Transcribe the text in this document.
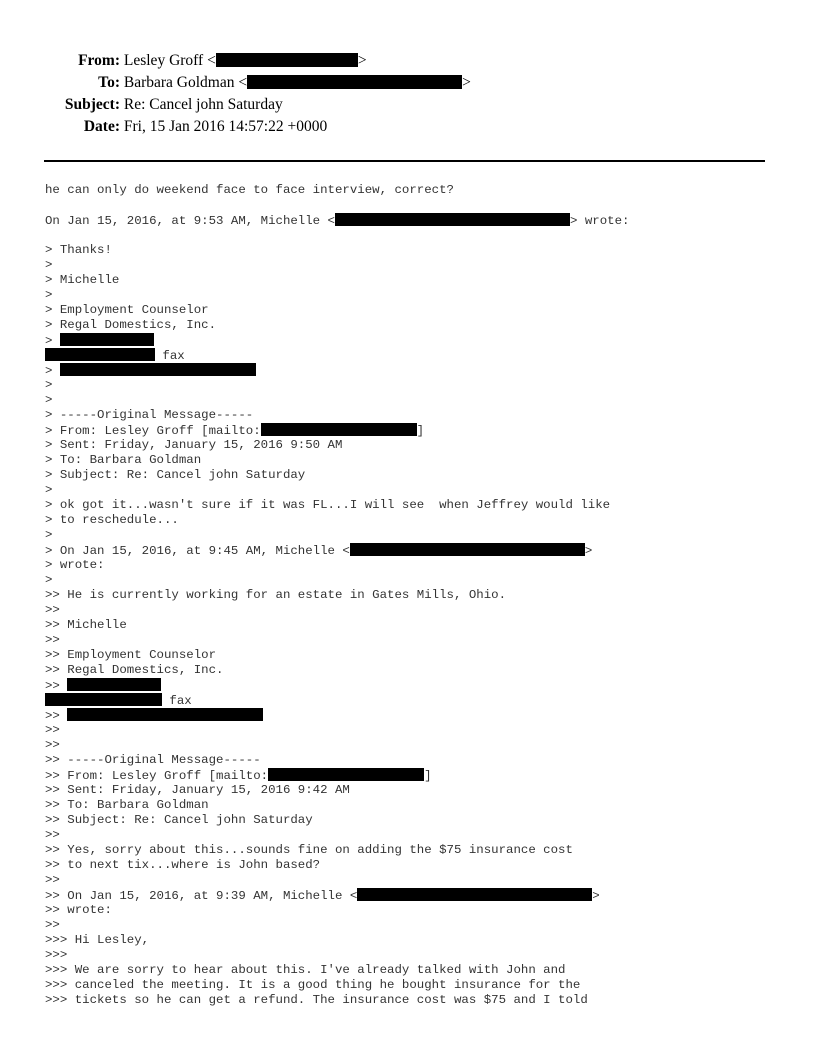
From: Lesley Groff <	>
To: Barbara Goldman <	>
Subject: Re: Cancel john Saturday
Date: Fri, 15 Jan 2016 14:57:22 +0000
he can only do weekend face to face interview, correct?
On Jan 15, 2016, at 9:53 AM, Michelle <	> wrote:
> Thanks!
>
> Michelle
>
> Employment Counselor
> Regal Domestics, Inc.
>
fax
>
>
>
> -----Original Message-----
> From: Lesley Groff [mailto:	]
> Sent: Friday, January 15, 2016 9:50 AM
> To: Barbara Goldman
> Subject: Re: Cancel john Saturday
>
> ok got it...wasn't sure if it was FL...I will see  when Jeffrey would like
> to reschedule...
>
> On Jan 15, 2016, at 9:45 AM, Michelle <	>
> wrote:
>
>> He is currently working for an estate in Gates Mills, Ohio.
>>
>> Michelle
>>
>> Employment Counselor
>> Regal Domestics, Inc.
>>
fax
>>
>>
>>
>> -----Original Message-----
>> From: Lesley Groff [mailto:	]
>> Sent: Friday, January 15, 2016 9:42 AM
>> To: Barbara Goldman
>> Subject: Re: Cancel john Saturday
>>
>> Yes, sorry about this...sounds fine on adding the $75 insurance cost
>> to next tix...where is John based?
>>
>> On Jan 15, 2016, at 9:39 AM, Michelle <	>
>> wrote:
>>
>>> Hi Lesley,
>>>
>>> We are sorry to hear about this. I've already talked with John and
>>> canceled the meeting. It is a good thing he bought insurance for the
>>> tickets so he can get a refund. The insurance cost was $75 and I told
